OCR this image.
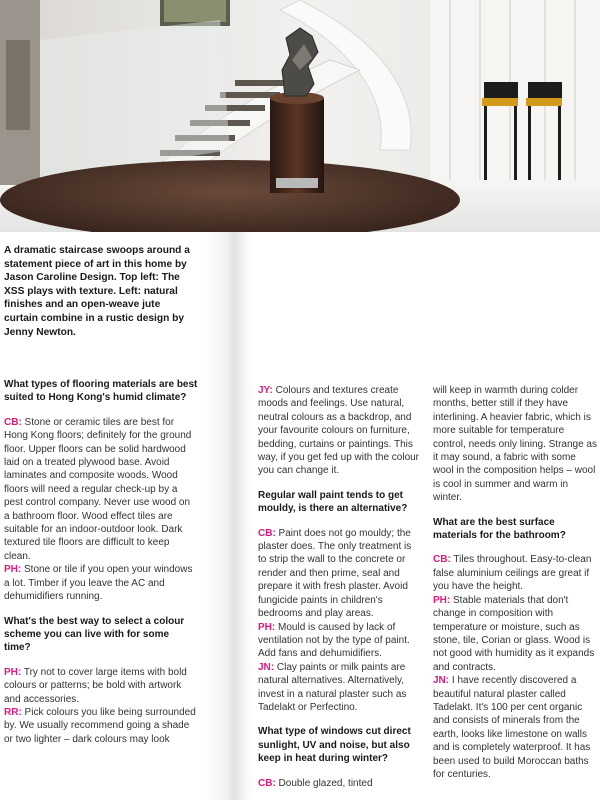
A dramatic staircase swoops around a statement piece of art in this home by Jason Caroline Design. Top left: The XSS plays with texture. Left: natural finishes and an open-weave jute curtain combine in a rustic design by Jenny Newton.

What types of flooring materials are best suited to Hong Kong's humid climate?

CB: Stone or ceramic tiles are best for Hong Kong floors; definitely for the ground floor. Upper floors can be solid hardwood laid on a treated plywood base. Avoid laminates and composite woods. Wood floors will need a regular check-up by a pest control company. Never use wood on a bathroom floor. Wood effect tiles are suitable for an indoor-outdoor look. Dark textured tile floors are difficult to keep clean.

PH: Stone or tile if you open your windows a lot. Timber if you leave the AC and dehumidifiers running.

What's the best way to select a colour scheme you can live with for some time?

PH: Try not to cover large items with bold colours or patterns; be bold with artwork and accessories.

RR: Pick colours you like being surrounded by. We usually recommend going a shade or two lighter – dark colours may look

JY: Colours and textures create moods and feelings. Use natural, neutral colours as a backdrop, and your favourite colours on furniture, bedding, curtains or paintings. This way, if you get fed up with the colour you can change it.

Regular wall paint tends to get mouldy, is there an alternative?

CB: Paint does not go mouldy; the plaster does. The only treatment is to strip the wall to the concrete or render and then prime, seal and prepare it with fresh plaster. Avoid fungicide paints in children's bedrooms and play areas.

PH: Mould is caused by lack of ventilation not by the type of paint. Add fans and dehumidifiers.

JN: Clay paints or milk paints are natural alternatives. Alternatively, invest in a natural plaster such as Tadelakt or Perfectino.

What type of windows cut direct sunlight, UV and noise, but also keep in heat during winter?

CB: Double glazed, tinted

will keep in warmth during colder months, better still if they have interlining. A heavier fabric, which is more suitable for temperature control, needs only lining. Strange as it may sound, a fabric with some wool in the composition helps – wool is cool in summer and warm in winter.

What are the best surface materials for the bathroom?

CB: Tiles throughout. Easy-to-clean false aluminium ceilings are great if you have the height.

PH: Stable materials that don't change in composition with temperature or moisture, such as stone, tile, Corian or glass. Wood is not good with humidity as it expands and contracts.

JN: I have recently discovered a beautiful natural plaster called Tadelakt. It's 100 per cent organic and consists of minerals from the earth, looks like limestone on walls and is completely waterproof. It has been used to build Moroccan baths for centuries.
